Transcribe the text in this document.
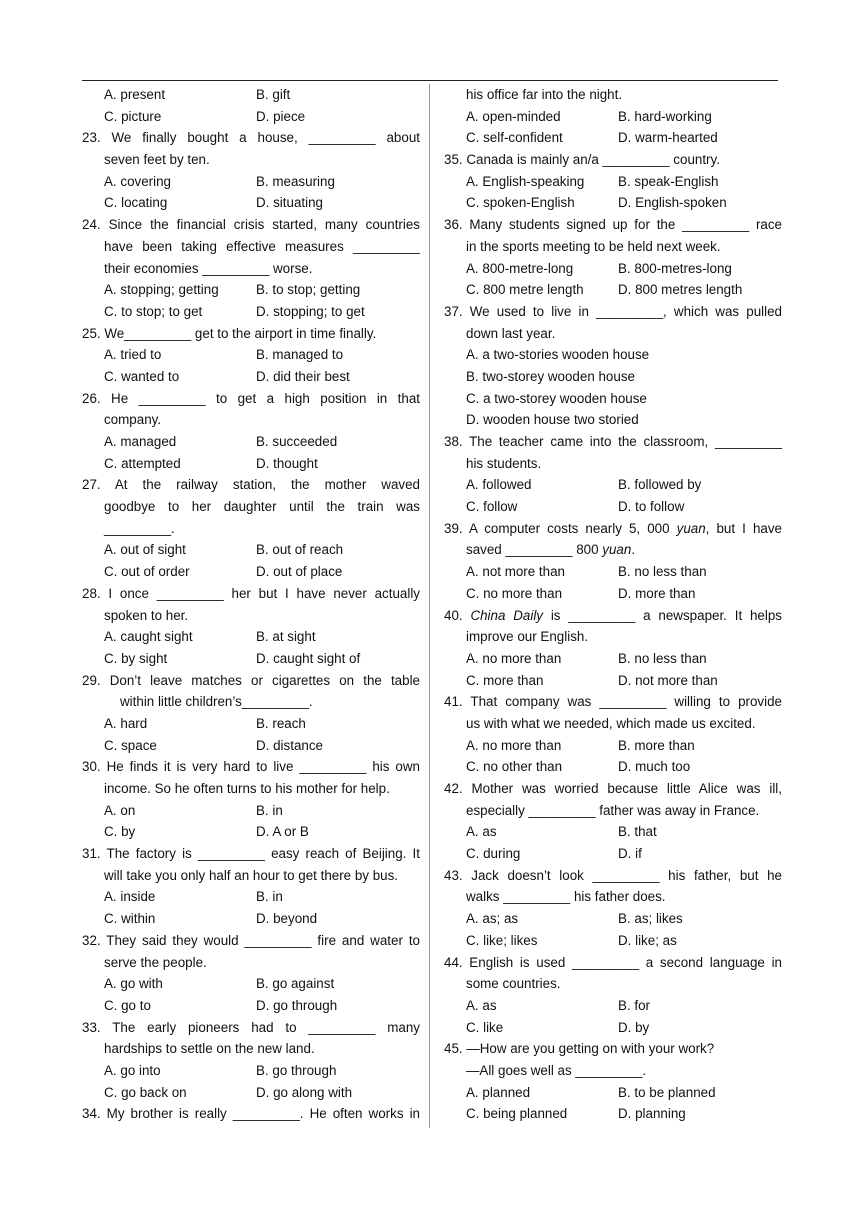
A. present	B. gift
C. picture	D. piece
23. We finally bought a house, _________ about
seven feet by ten.
A. covering	B. measuring
C. locating	D. situating
24. Since the financial crisis started, many countries
have been taking effective measures _________
their economies _________ worse.
A. stopping; getting	B. to stop; getting
C. to stop; to get	D. stopping; to get
25. We_________ get to the airport in time finally.
A. tried to	B. managed to
C. wanted to	D. did their best
26. He _________ to get a high position in that
company.
A. managed	B. succeeded
C. attempted	D. thought
27. At the railway station, the mother waved
goodbye to her daughter until the train was
_________.
A. out of sight	B. out of reach
C. out of order	D. out of place
28. I once _________ her but I have never actually
spoken to her.
A. caught sight	B. at sight
C. by sight	D. caught sight of
29. Don’t leave matches or cigarettes on the table
within little children’s_________.
A. hard	B. reach
C. space	D. distance
30. He finds it is very hard to live _________ his own
income. So he often turns to his mother for help.
A. on	B. in
C. by	D. A or B
31. The factory is _________ easy reach of Beijing. It
will take you only half an hour to get there by bus.
A. inside	B. in
C. within	D. beyond
32. They said they would _________ fire and water to
serve the people.
A. go with	B. go against
C. go to	D. go through
33. The early pioneers had to _________ many
hardships to settle on the new land.
A. go into	B. go through
C. go back on	D. go along with
34. My brother is really _________. He often works in
his office far into the night.
A. open-minded	B. hard-working
C. self-confident	D. warm-hearted
35. Canada is mainly an/a _________ country.
A. English-speaking	B. speak-English
C. spoken-English	D. English-spoken
36. Many students signed up for the _________ race
in the sports meeting to be held next week.
A. 800-metre-long	B. 800-metres-long
C. 800 metre length	D. 800 metres length
37. We used to live in _________, which was pulled
down last year.
A. a two-stories wooden house
B. two-storey wooden house
C. a two-storey wooden house
D. wooden house two storied
38. The teacher came into the classroom, _________
his students.
A. followed	B. followed by
C. follow	D. to follow
39. A computer costs nearly 5, 000 yuan, but I have
saved _________ 800 yuan.
A. not more than	B. no less than
C. no more than	D. more than
40. China Daily is _________ a newspaper. It helps
improve our English.
A. no more than	B. no less than
C. more than	D. not more than
41. That company was _________ willing to provide
us with what we needed, which made us excited.
A. no more than	B. more than
C. no other than	D. much too
42. Mother was worried because little Alice was ill,
especially _________ father was away in France.
A. as	B. that
C. during	D. if
43. Jack doesn’t look _________ his father, but he
walks _________ his father does.
A. as; as	B. as; likes
C. like; likes	D. like; as
44. English is used _________ a second language in
some countries.
A. as	B. for
C. like	D. by
45. —How are you getting on with your work?
—All goes well as _________.
A. planned	B. to be planned
C. being planned	D. planning
